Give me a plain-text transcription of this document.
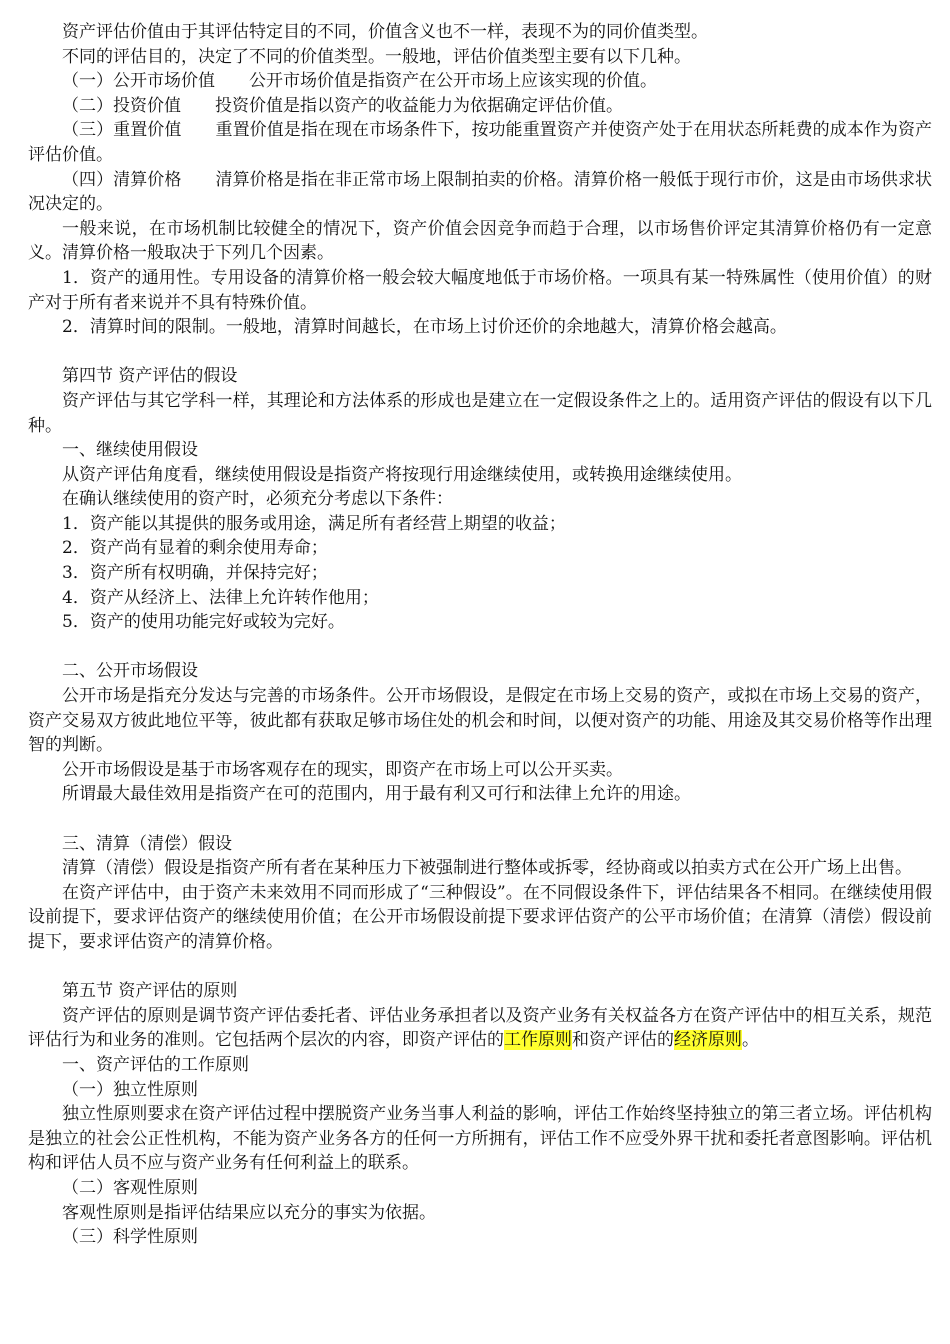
资产评估价值由于其评估特定目的不同，价值含义也不一样，表现不为的同价值类型。

不同的评估目的，决定了不同的价值类型。一般地，评估价值类型主要有以下几种。

（一）公开市场价值　　公开市场价值是指资产在公开市场上应该实现的价值。

（二）投资价值　　投资价值是指以资产的收益能力为依据确定评估价值。

（三）重置价值　　重置价值是指在现在市场条件下，按功能重置资产并使资产处于在用状态所耗费的成本作为资产评估价值。

（四）清算价格　　清算价格是指在非正常市场上限制拍卖的价格。清算价格一般低于现行市价，这是由市场供求状况决定的。

一般来说，在市场机制比较健全的情况下，资产价值会因竞争而趋于合理，以市场售价评定其清算价格仍有一定意义。清算价格一般取决于下列几个因素。

1．资产的通用性。专用设备的清算价格一般会较大幅度地低于市场价格。一项具有某一特殊属性（使用价值）的财产对于所有者来说并不具有特殊价值。

2．清算时间的限制。一般地，清算时间越长，在市场上讨价还价的余地越大，清算价格会越高。

第四节 资产评估的假设

资产评估与其它学科一样，其理论和方法体系的形成也是建立在一定假设条件之上的。适用资产评估的假设有以下几种。

一、继续使用假设

从资产评估角度看，继续使用假设是指资产将按现行用途继续使用，或转换用途继续使用。

在确认继续使用的资产时，必须充分考虑以下条件：

1．资产能以其提供的服务或用途，满足所有者经营上期望的收益；

2．资产尚有显着的剩余使用寿命；

3．资产所有权明确，并保持完好；

4．资产从经济上、法律上允许转作他用；

5．资产的使用功能完好或较为完好。

二、公开市场假设

公开市场是指充分发达与完善的市场条件。公开市场假设，是假定在市场上交易的资产，或拟在市场上交易的资产，资产交易双方彼此地位平等，彼此都有获取足够市场住处的机会和时间，以便对资产的功能、用途及其交易价格等作出理智的判断。

公开市场假设是基于市场客观存在的现实，即资产在市场上可以公开买卖。

所谓最大最佳效用是指资产在可的范围内，用于最有利又可行和法律上允许的用途。

三、清算（清偿）假设

清算（清偿）假设是指资产所有者在某种压力下被强制进行整体或拆零，经协商或以拍卖方式在公开广场上出售。

在资产评估中，由于资产未来效用不同而形成了“三种假设”。在不同假设条件下，评估结果各不相同。在继续使用假设前提下，要求评估资产的继续使用价值；在公开市场假设前提下要求评估资产的公平市场价值；在清算（清偿）假设前提下，要求评估资产的清算价格。

第五节 资产评估的原则

资产评估的原则是调节资产评估委托者、评估业务承担者以及资产业务有关权益各方在资产评估中的相互关系，规范评估行为和业务的准则。它包括两个层次的内容，即资产评估的工作原则和资产评估的经济原则。

一、资产评估的工作原则

（一）独立性原则

独立性原则要求在资产评估过程中摆脱资产业务当事人利益的影响，评估工作始终坚持独立的第三者立场。评估机构是独立的社会公正性机构，不能为资产业务各方的任何一方所拥有，评估工作不应受外界干扰和委托者意图影响。评估机构和评估人员不应与资产业务有任何利益上的联系。

（二）客观性原则

客观性原则是指评估结果应以充分的事实为依据。

（三）科学性原则
